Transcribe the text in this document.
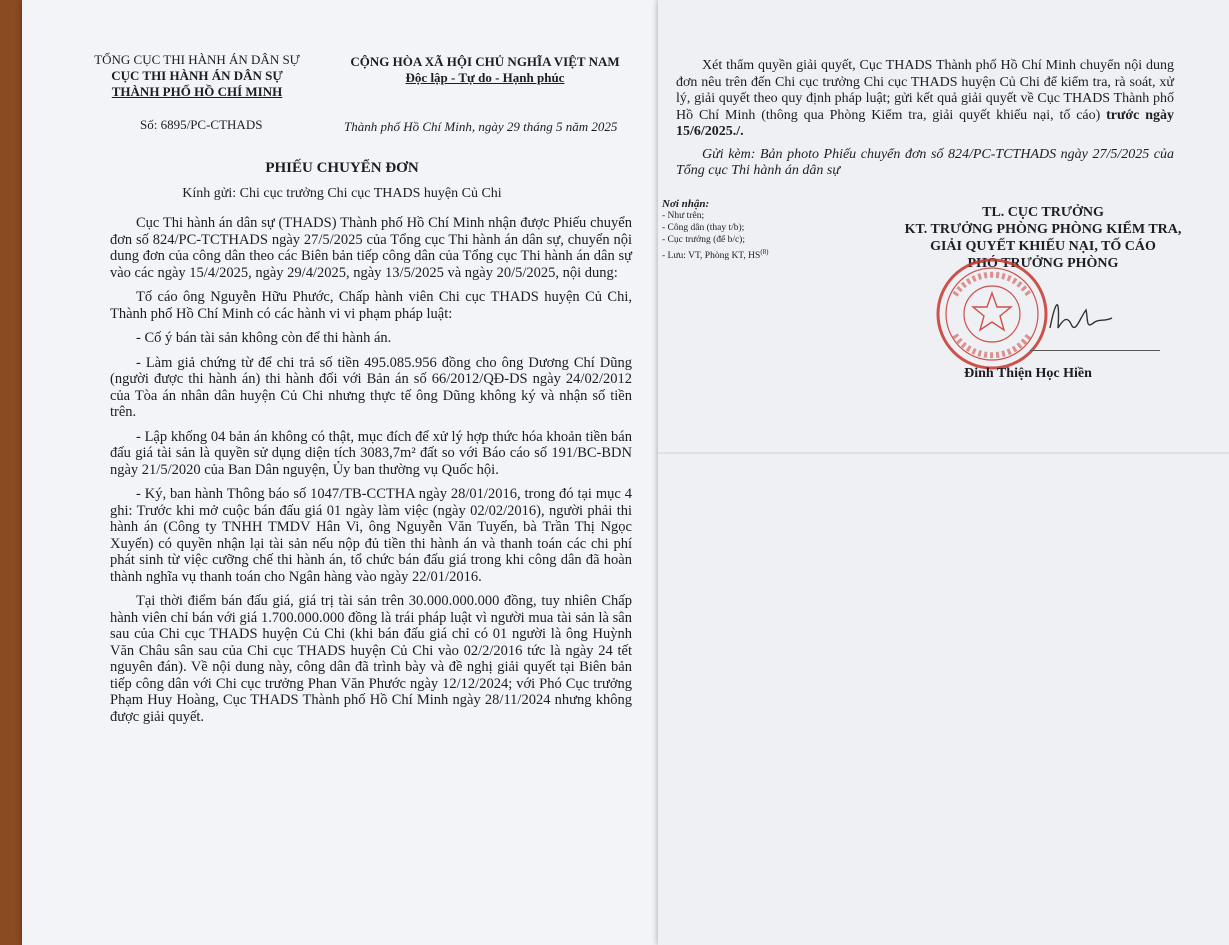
TỔNG CỤC THI HÀNH ÁN DÂN SỰ
CỤC THI HÀNH ÁN DÂN SỰ
THÀNH PHỐ HỒ CHÍ MINH
CỘNG HÒA XÃ HỘI CHỦ NGHĨA VIỆT NAM
Độc lập - Tự do - Hạnh phúc
Số: 6895/PC-CTHADS	Thành phố Hồ Chí Minh, ngày 29 tháng 5 năm 2025
PHIẾU CHUYỂN ĐƠN
Kính gửi: Chi cục trưởng Chi cục THADS huyện Củ Chi

Cục Thi hành án dân sự (THADS) Thành phố Hồ Chí Minh nhận được Phiếu chuyển đơn số 824/PC-TCTHADS ngày 27/5/2025 của Tổng cục Thi hành án dân sự, chuyển nội dung đơn của công dân theo các Biên bản tiếp công dân của Tổng cục Thi hành án dân sự vào các ngày 15/4/2025, ngày 29/4/2025, ngày 13/5/2025 và ngày 20/5/2025, nội dung:

Tố cáo ông Nguyễn Hữu Phước, Chấp hành viên Chi cục THADS huyện Củ Chi, Thành phố Hồ Chí Minh có các hành vi vi phạm pháp luật:

- Cố ý bán tài sản không còn để thi hành án.

- Làm giả chứng từ để chi trả số tiền 495.085.956 đồng cho ông Dương Chí Dũng (người được thi hành án) thi hành đối với Bản án số 66/2012/QĐ-DS ngày 24/02/2012 của Tòa án nhân dân huyện Củ Chi nhưng thực tế ông Dũng không ký và nhận số tiền trên.

- Lập khống 04 bản án không có thật, mục đích để xử lý hợp thức hóa khoản tiền bán đấu giá tài sản là quyền sử dụng diện tích 3083,7m² đất so với Báo cáo số 191/BC-BDN ngày 21/5/2020 của Ban Dân nguyện, Ủy ban thường vụ Quốc hội.

- Ký, ban hành Thông báo số 1047/TB-CCTHA ngày 28/01/2016, trong đó tại mục 4 ghi: Trước khi mở cuộc bán đấu giá 01 ngày làm việc (ngày 02/02/2016), người phải thi hành án (Công ty TNHH TMDV Hân Vi, ông Nguyễn Văn Tuyến, bà Trần Thị Ngọc Xuyến) có quyền nhận lại tài sản nếu nộp đủ tiền thi hành án và thanh toán các chi phí phát sinh từ việc cưỡng chế thi hành án, tổ chức bán đấu giá trong khi công dân đã hoàn thành nghĩa vụ thanh toán cho Ngân hàng vào ngày 22/01/2016.

Tại thời điểm bán đấu giá, giá trị tài sản trên 30.000.000.000 đồng, tuy nhiên Chấp hành viên chỉ bán với giá 1.700.000.000 đồng là trái pháp luật vì người mua tài sản là sân sau của Chi cục THADS huyện Củ Chi (khi bán đấu giá chỉ có 01 người là ông Huỳnh Văn Châu sân sau của Chi cục THADS huyện Củ Chi vào 02/2/2016 tức là ngày 24 tết nguyên đán). Về nội dung này, công dân đã trình bày và đề nghị giải quyết tại Biên bản tiếp công dân với Chi cục trưởng Phan Văn Phước ngày 12/12/2024; với Phó Cục trưởng Phạm Huy Hoàng, Cục THADS Thành phố Hồ Chí Minh ngày 28/11/2024 nhưng không được giải quyết.

Xét thẩm quyền giải quyết, Cục THADS Thành phố Hồ Chí Minh chuyển nội dung đơn nêu trên đến Chi cục trưởng Chi cục THADS huyện Củ Chi để kiểm tra, rà soát, xử lý, giải quyết theo quy định pháp luật; gửi kết quả giải quyết về Cục THADS Thành phố Hồ Chí Minh (thông qua Phòng Kiểm tra, giải quyết khiếu nại, tố cáo) trước ngày 15/6/2025./.

Gửi kèm: Bản photo Phiếu chuyển đơn số 824/PC-TCTHADS ngày 27/5/2025 của Tổng cục Thi hành án dân sự

Nơi nhận:
- Như trên;
- Công dân (thay t/b);
- Cục trưởng (để b/c);
- Lưu: VT, Phòng KT, HS$^{(8)}$
TL. CỤC TRƯỞNG
KT. TRƯỞNG PHÒNG PHÒNG KIỂM TRA,
GIẢI QUYẾT KHIẾU NẠI, TỐ CÁO
PHÓ TRƯỞNG PHÒNG
Đinh Thiện Học Hiền
